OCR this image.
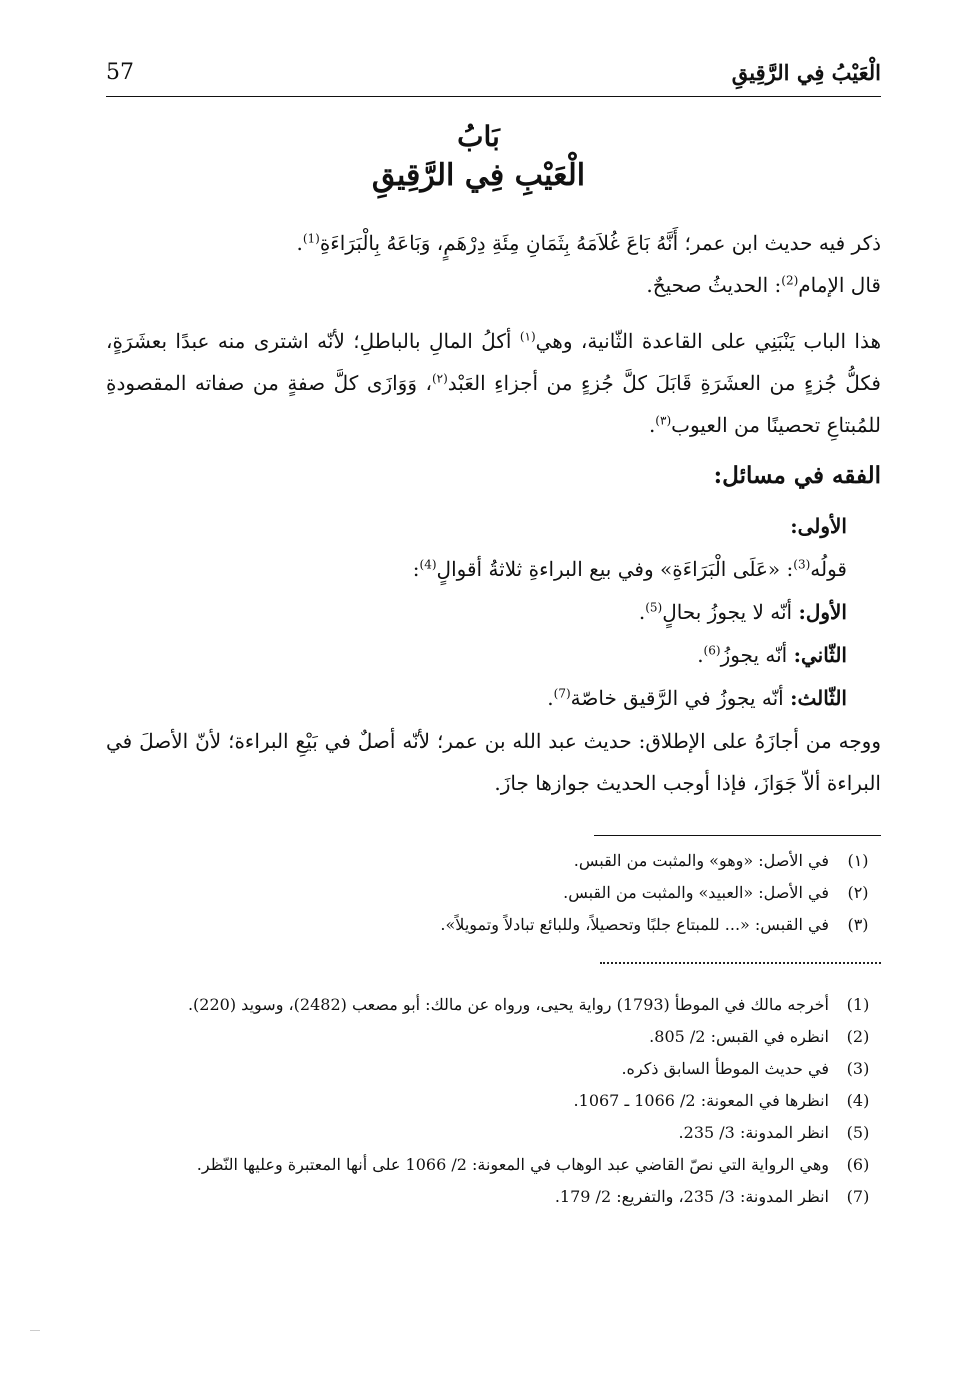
الْعَيْبُ فِي الرَّقِيقِ
57
بَابُ
الْعَيْبِ فِي الرَّقِيقِ
ذكر فيه حديث ابن عمر؛ أَنَّهُ بَاعَ غُلاَمَهُ بِثَمَانِ مِئَةِ دِرْهَمٍ، وَبَاعَهُ بِالْبَرَاءَةِ$^{(1)}$.
قال الإمام$^{(2)}$: الحديثُ صحيحٌ.
هذا الباب يَنْبَنِي على القاعدة الثّانية، وهي$^{(١)}$ أكلُ المالِ بالباطلِ؛ لأنّه اشترى منه عبدًا بعشَرَةٍ، فكلُّ جُزءٍ من العشَرَةِ قَابَلَ كلَّ جُزءٍ من أجزاءِ العَبْد$^{(٢)}$، وَوَازَى كلَّ صفةٍ من صفاته المقصودةِ للمُبتاعِ تحصينًا من العيوب$^{(٣)}$.
الفقه في مسائل:
الأولى:
قولُه$^{(3)}$: «عَلَى الْبَرَاءَةِ» وفي بيع البراءةِ ثلاثةُ أقوالٍ$^{(4)}$:
الأول: أنّه لا يجوزُ بحالٍ$^{(5)}$.
الثّاني: أنّه يجوزُ$^{(6)}$.
الثّالث: أنّه يجوزُ في الرَّقيق خاصّة$^{(7)}$.
ووجه من أجازَهُ على الإطلاق: حديث عبد الله بن عمر؛ لأنّه أصلٌ في بَيْعِ البراءة؛ لأنّ الأصلَ في البراءة ألاّ جَوَازَ، فإذا أوجب الحديث جوازها جازَ.
(١)
في الأصل: «وهو» والمثبت من القبس.
(٢)
في الأصل: «العبيد» والمثبت من القبس.
(٣)
في القبس: «... للمبتاع جلبًا وتحصيلاً، وللبائع تبادلاً وتمويلاً».
(1)
أخرجه مالك في الموطأ (1793) رواية يحيى، ورواه عن مالك: أبو مصعب (2482)، وسويد (220).
(2)
انظره في القبس: 2/ 805.
(3)
في حديث الموطأ السابق ذكره.
(4)
انظرها في المعونة: 2/ 1066 ـ 1067.
(5)
انظر المدونة: 3/ 235.
(6)
وهي الرواية التي نصّ القاضي عبد الوهاب في المعونة: 2/ 1066 على أنها المعتبرة وعليها النّظر.
(7)
انظر المدونة: 3/ 235، والتفريع: 2/ 179.
